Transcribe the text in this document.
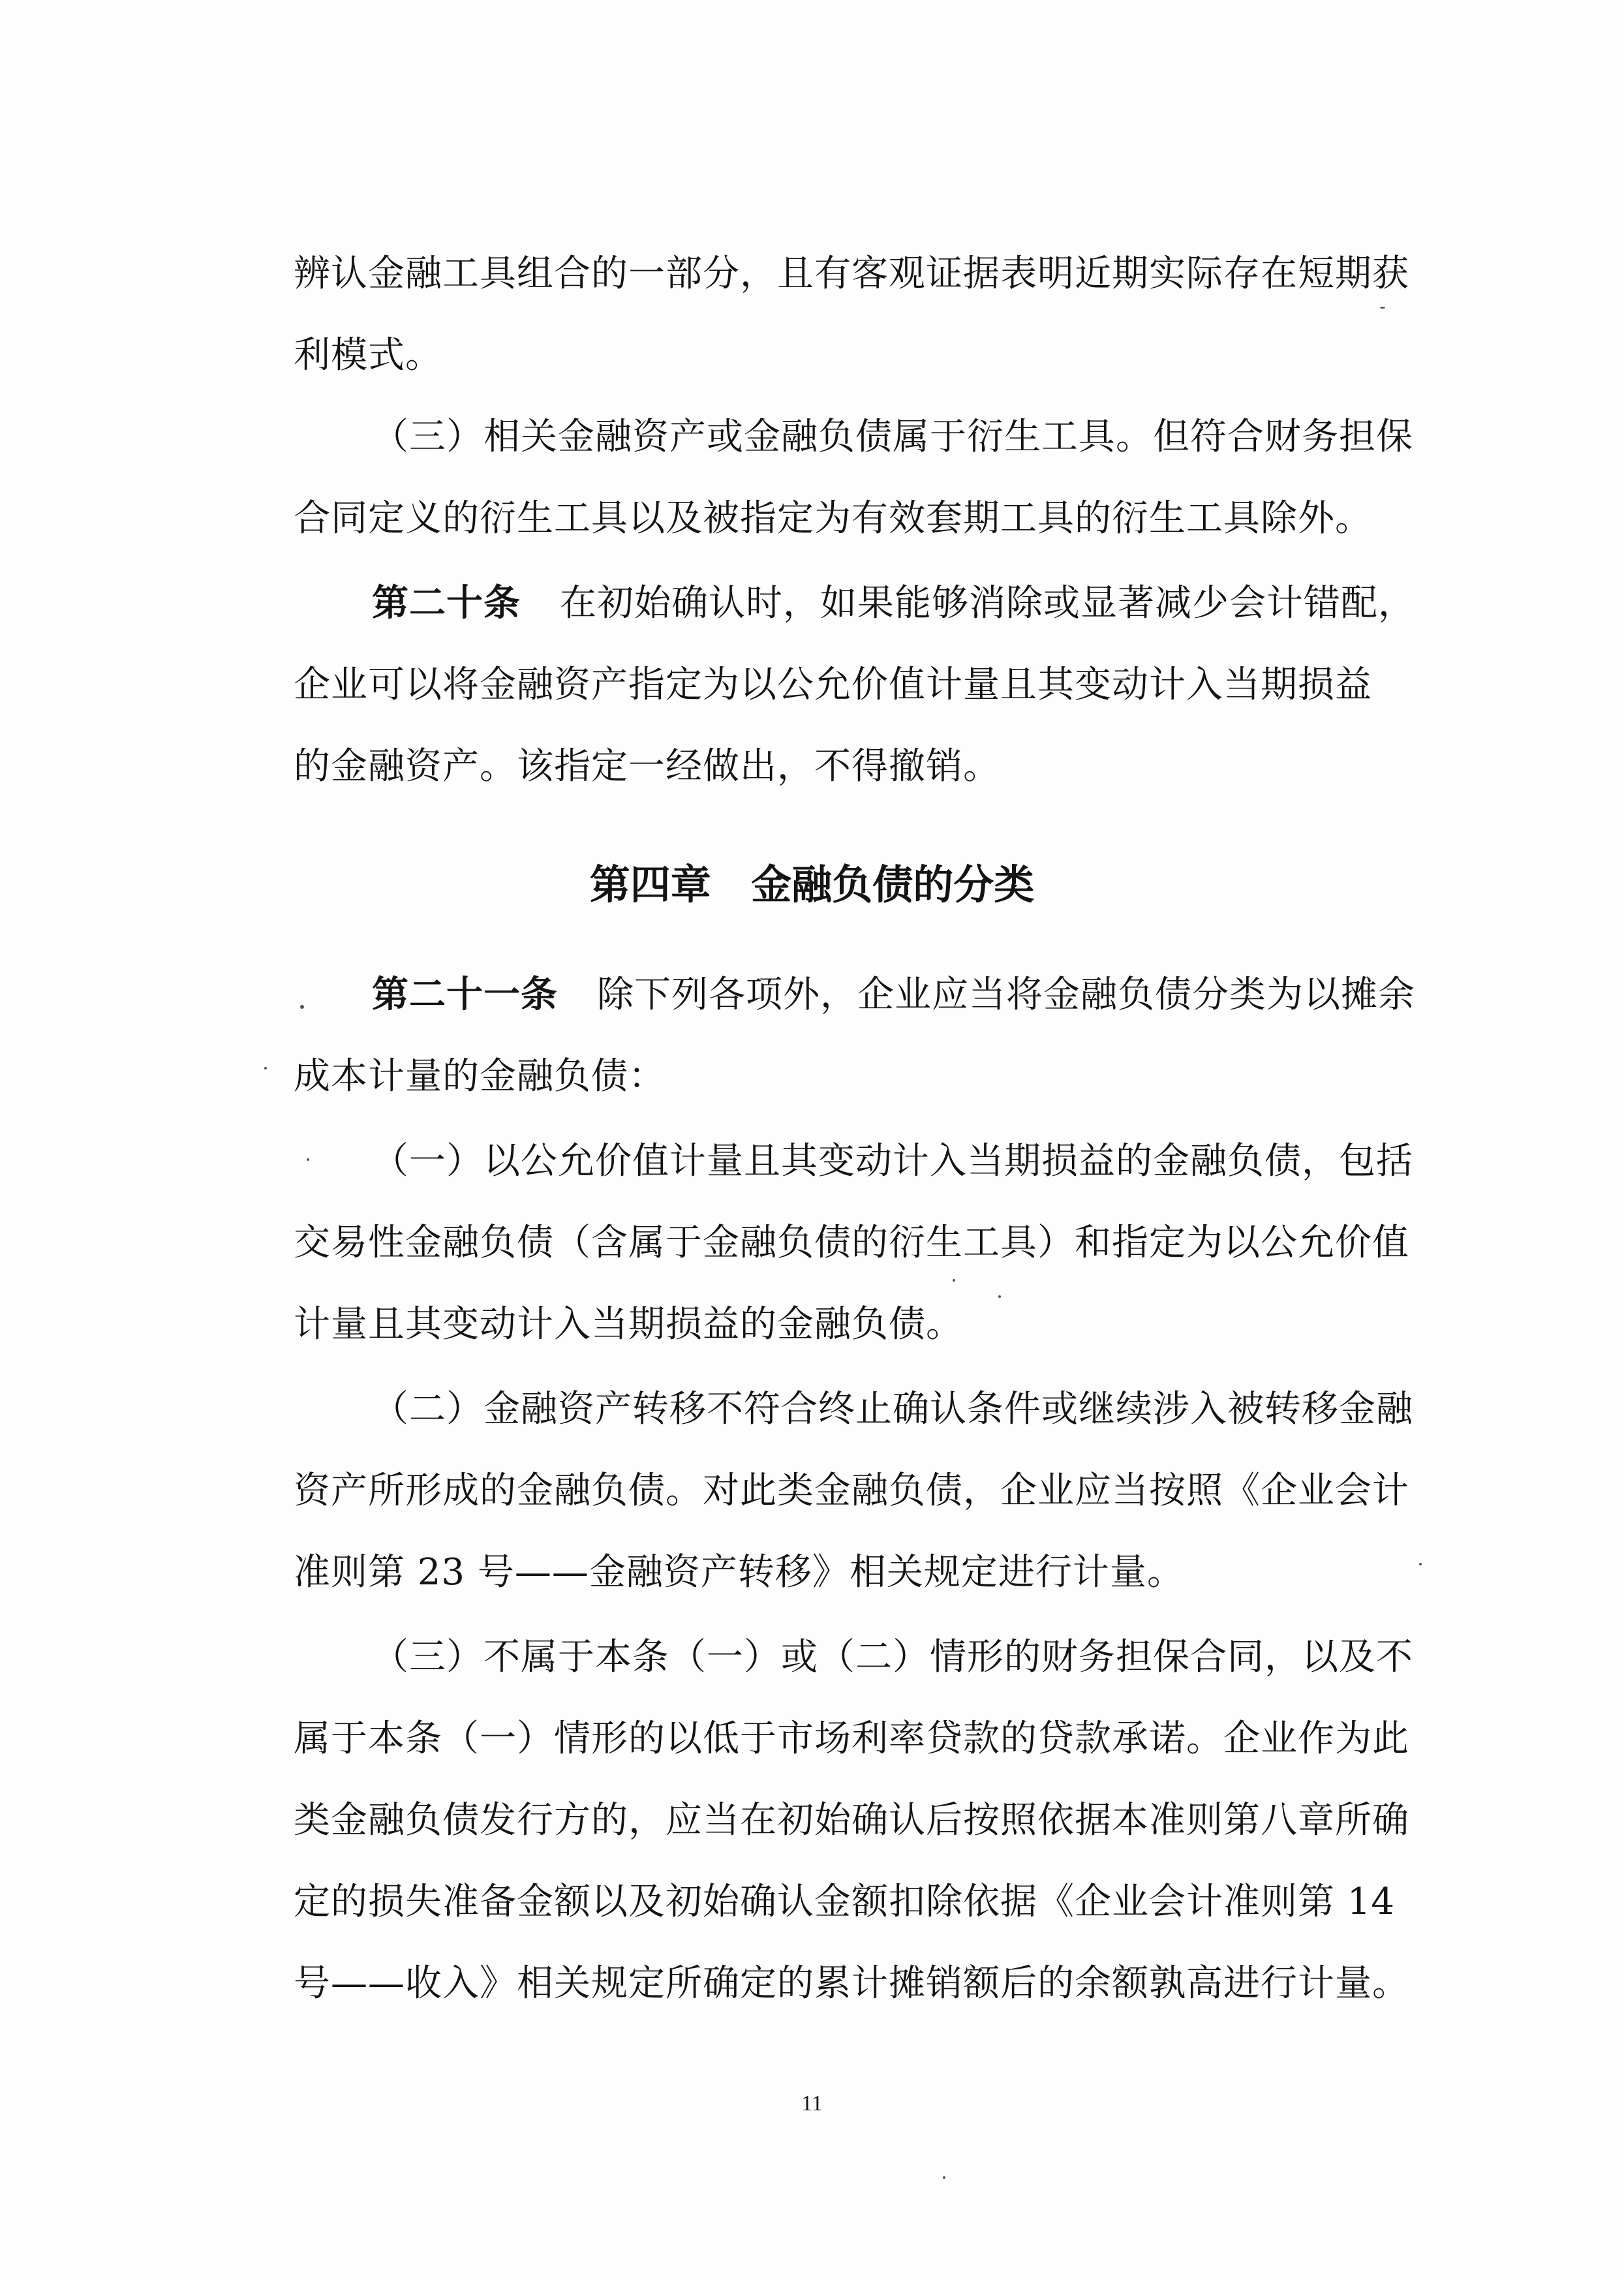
辨认金融工具组合的一部分，且有客观证据表明近期实际存在短期获
利模式。
（三）相关金融资产或金融负债属于衍生工具。但符合财务担保
合同定义的衍生工具以及被指定为有效套期工具的衍生工具除外。
第二十条 在初始确认时，如果能够消除或显著减少会计错配，
企业可以将金融资产指定为以公允价值计量且其变动计入当期损益
的金融资产。该指定一经做出，不得撤销。
第四章 金融负债的分类
第二十一条 除下列各项外，企业应当将金融负债分类为以摊余
成本计量的金融负债：
（一）以公允价值计量且其变动计入当期损益的金融负债，包括
交易性金融负债（含属于金融负债的衍生工具）和指定为以公允价值
计量且其变动计入当期损益的金融负债。
（二）金融资产转移不符合终止确认条件或继续涉入被转移金融
资产所形成的金融负债。对此类金融负债，企业应当按照《企业会计
准则第 23 号——金融资产转移》相关规定进行计量。
（三）不属于本条（一）或（二）情形的财务担保合同，以及不
属于本条（一）情形的以低于市场利率贷款的贷款承诺。企业作为此
类金融负债发行方的，应当在初始确认后按照依据本准则第八章所确
定的损失准备金额以及初始确认金额扣除依据《企业会计准则第 14
号——收入》相关规定所确定的累计摊销额后的余额孰高进行计量。
11
